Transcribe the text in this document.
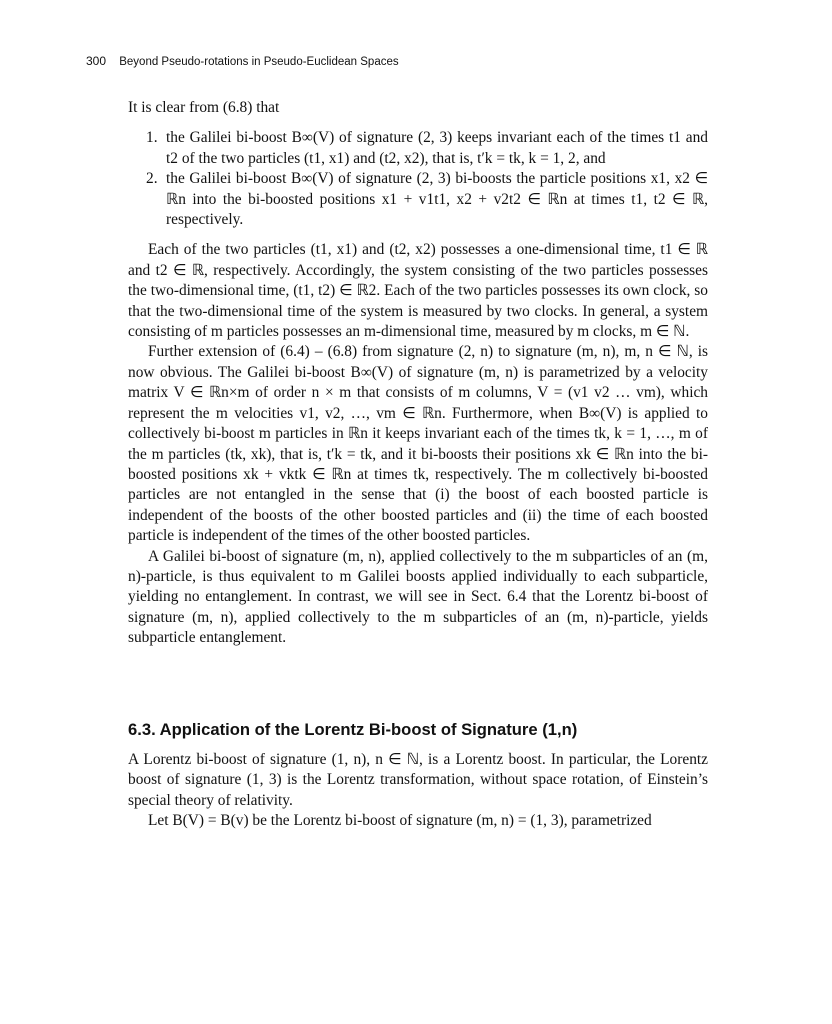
300 Beyond Pseudo-rotations in Pseudo-Euclidean Spaces

It is clear from (6.8) that

1. the Galilei bi-boost B∞(V) of signature (2, 3) keeps invariant each of the times t1 and t2 of the two particles (t1, x1) and (t2, x2), that is, t′k = tk, k = 1, 2, and
2. the Galilei bi-boost B∞(V) of signature (2, 3) bi-boosts the particle positions x1, x2 ∈ ℝn into the bi-boosted positions x1 + v1t1, x2 + v2t2 ∈ ℝn at times t1, t2 ∈ ℝ, respectively.

Each of the two particles (t1, x1) and (t2, x2) possesses a one-dimensional time, t1 ∈ ℝ and t2 ∈ ℝ, respectively. Accordingly, the system consisting of the two particles possesses the two-dimensional time, (t1, t2) ∈ ℝ2. Each of the two particles possesses its own clock, so that the two-dimensional time of the system is measured by two clocks. In general, a system consisting of m particles possesses an m-dimensional time, measured by m clocks, m ∈ ℕ.

Further extension of (6.4) – (6.8) from signature (2, n) to signature (m, n), m, n ∈ ℕ, is now obvious. The Galilei bi-boost B∞(V) of signature (m, n) is parametrized by a velocity matrix V ∈ ℝn×m of order n × m that consists of m columns, V = (v1 v2 … vm), which represent the m velocities v1, v2, …, vm ∈ ℝn. Furthermore, when B∞(V) is applied to collectively bi-boost m particles in ℝn it keeps invariant each of the times tk, k = 1, …, m of the m particles (tk, xk), that is, t′k = tk, and it bi-boosts their positions xk ∈ ℝn into the bi-boosted positions xk + vktk ∈ ℝn at times tk, respectively. The m collectively bi-boosted particles are not entangled in the sense that (i) the boost of each boosted particle is independent of the boosts of the other boosted particles and (ii) the time of each boosted particle is independent of the times of the other boosted particles.

A Galilei bi-boost of signature (m, n), applied collectively to the m subparticles of an (m, n)-particle, is thus equivalent to m Galilei boosts applied individually to each subparticle, yielding no entanglement. In contrast, we will see in Sect. 6.4 that the Lorentz bi-boost of signature (m, n), applied collectively to the m subparticles of an (m, n)-particle, yields subparticle entanglement.

6.3. Application of the Lorentz Bi-boost of Signature (1,n)

A Lorentz bi-boost of signature (1, n), n ∈ ℕ, is a Lorentz boost. In particular, the Lorentz boost of signature (1, 3) is the Lorentz transformation, without space rotation, of Einstein’s special theory of relativity.

Let B(V) = B(v) be the Lorentz bi-boost of signature (m, n) = (1, 3), parametrized
